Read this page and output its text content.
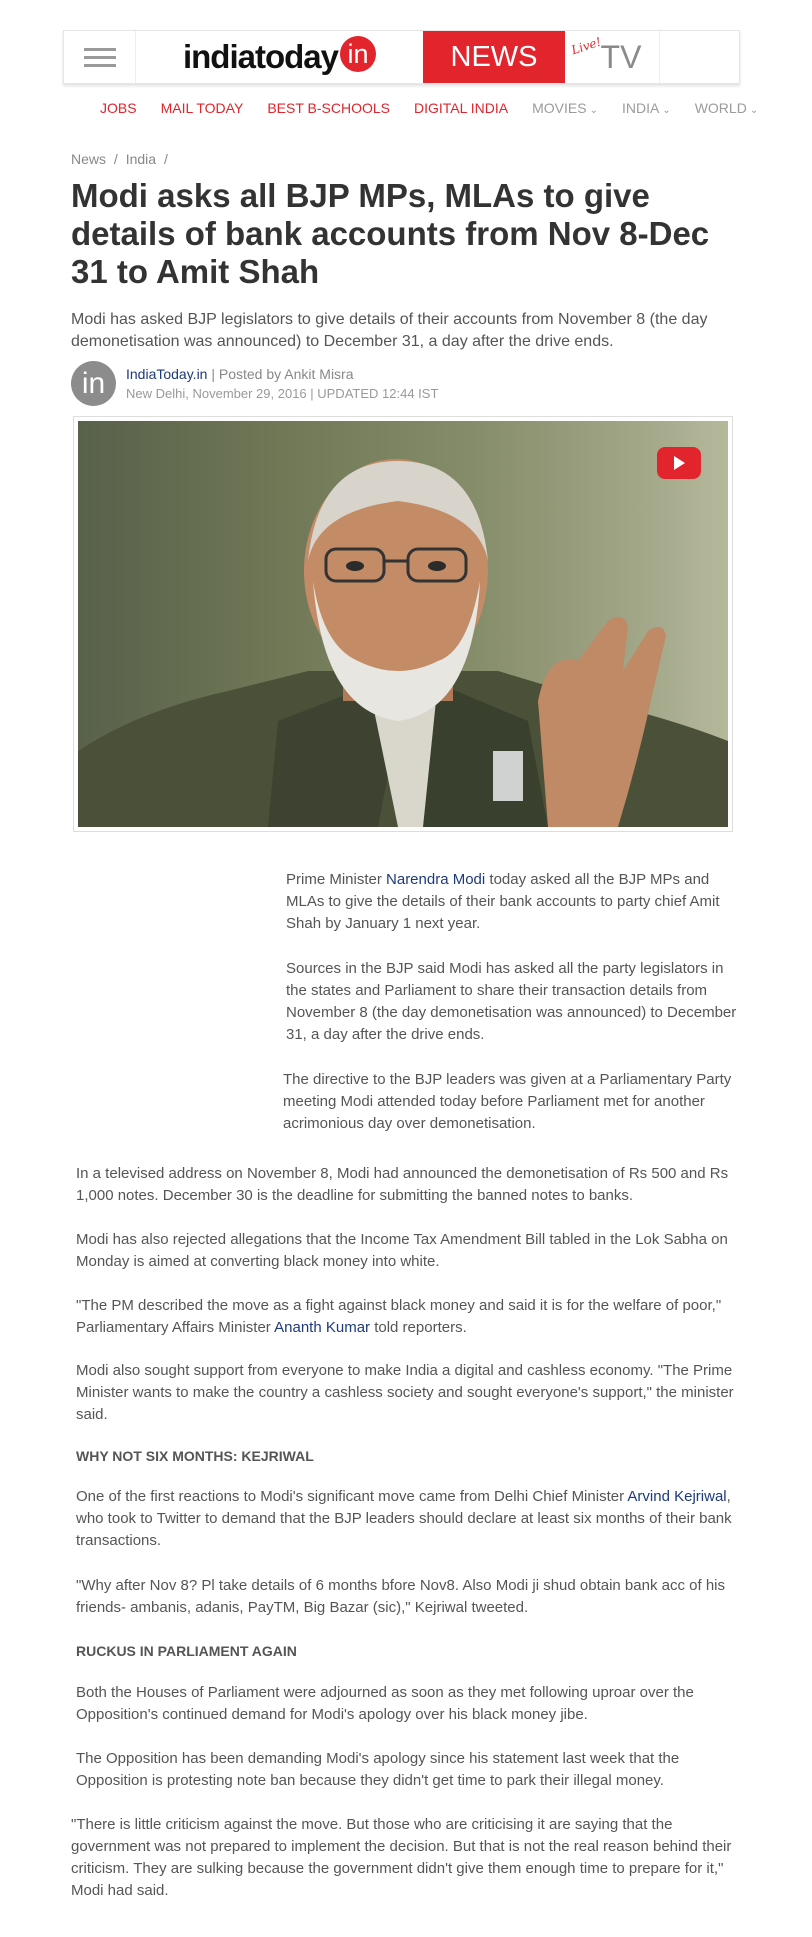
indiatoday in	NEWS	Live!
TV
JOBS MAIL TODAY BEST B-SCHOOLS DIGITAL INDIA MOVIES ⌄ INDIA ⌄ WORLD ⌄
News / India /
Modi asks all BJP MPs, MLAs to give details of bank accounts from Nov 8-Dec 31 to Amit Shah

Modi has asked BJP legislators to give details of their accounts from November 8 (the day demonetisation was announced) to December 31, a day after the drive ends.

in	IndiaToday.in | Posted by Ankit Misra
New Delhi, November 29, 2016 | UPDATED 12:44 IST

Prime Minister Narendra Modi today asked all the BJP MPs and MLAs to give the details of their bank accounts to party chief Amit Shah by January 1 next year.

Sources in the BJP said Modi has asked all the party legislators in the states and Parliament to share their transaction details from November 8 (the day demonetisation was announced) to December 31, a day after the drive ends.

The directive to the BJP leaders was given at a Parliamentary Party meeting Modi attended today before Parliament met for another acrimonious day over demonetisation.

In a televised address on November 8, Modi had announced the demonetisation of Rs 500 and Rs 1,000 notes. December 30 is the deadline for submitting the banned notes to banks.

Modi has also rejected allegations that the Income Tax Amendment Bill tabled in the Lok Sabha on Monday is aimed at converting black money into white.

"The PM described the move as a fight against black money and said it is for the welfare of poor," Parliamentary Affairs Minister Ananth Kumar told reporters.

Modi also sought support from everyone to make India a digital and cashless economy. "The Prime Minister wants to make the country a cashless society and sought everyone's support," the minister said.

WHY NOT SIX MONTHS: KEJRIWAL

One of the first reactions to Modi's significant move came from Delhi Chief Minister Arvind Kejriwal, who took to Twitter to demand that the BJP leaders should declare at least six months of their bank transactions.

"Why after Nov 8? Pl take details of 6 months bfore Nov8. Also Modi ji shud obtain bank acc of his friends- ambanis, adanis, PayTM, Big Bazar (sic)," Kejriwal tweeted.

RUCKUS IN PARLIAMENT AGAIN

Both the Houses of Parliament were adjourned as soon as they met following uproar over the Opposition's continued demand for Modi's apology over his black money jibe.

The Opposition has been demanding Modi's apology since his statement last week that the Opposition is protesting note ban because they didn't get time to park their illegal money.

"There is little criticism against the move. But those who are criticising it are saying that the government was not prepared to implement the decision. But that is not the real reason behind their criticism. They are sulking because the government didn't give them enough time to prepare for it," Modi had said.
